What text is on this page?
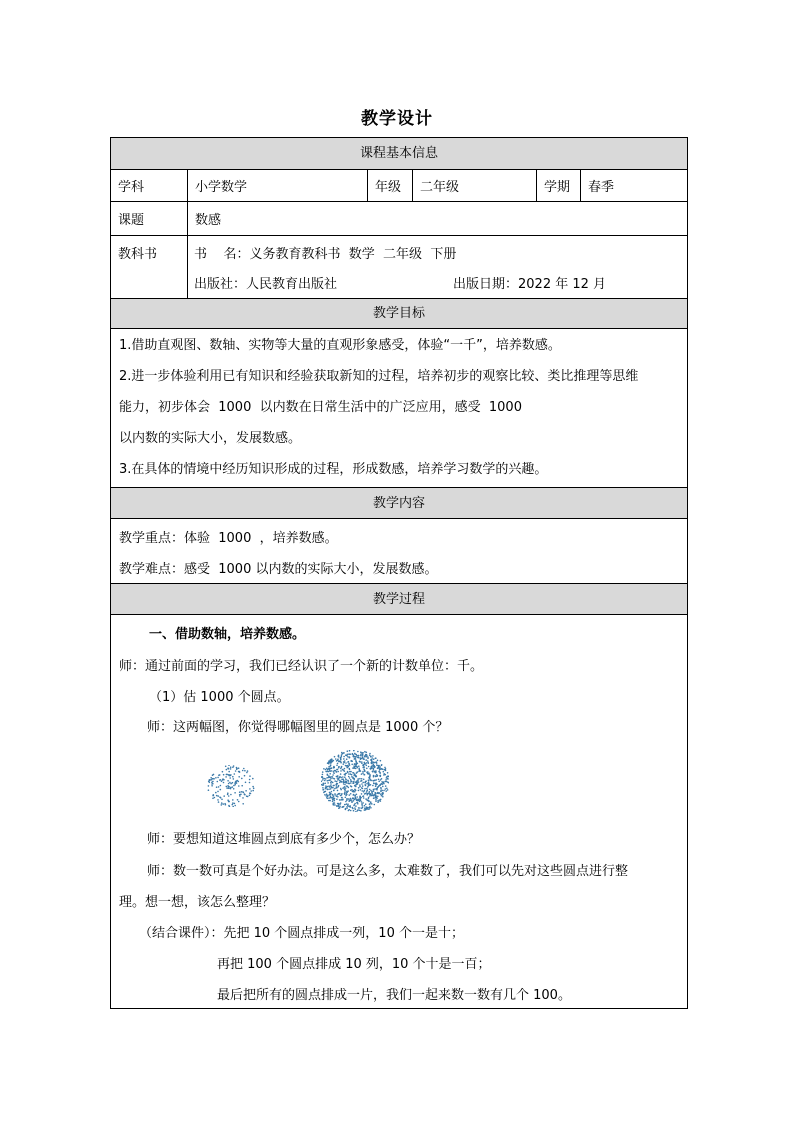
教学设计
课程基本信息
学科	小学数学	年级	二年级	学期	春季
课题	数感
教科书	书    名：义务教育教科书  数学  二年级  下册
出版社：人民教育出版社	出版日期：2022 年 12 月
教学目标
1.借助直观图、数轴、实物等大量的直观形象感受，体验“一千”，培养数感。
2.进一步体验利用已有知识和经验获取新知的过程，培养初步的观察比较、类比推理等思维
能力，初步体会  1000  以内数在日常生活中的广泛应用，感受  1000
以内数的实际大小，发展数感。
3.在具体的情境中经历知识形成的过程，形成数感，培养学习数学的兴趣。
教学内容
教学重点：体验  1000  ，培养数感。
教学难点：感受  1000 以内数的实际大小，发展数感。
教学过程
一、借助数轴，培养数感。
师：通过前面的学习，我们已经认识了一个新的计数单位：千。
（1）估 1000 个圆点。
师：这两幅图，你觉得哪幅图里的圆点是 1000 个？
师：要想知道这堆圆点到底有多少个，怎么办？
师：数一数可真是个好办法。可是这么多，太难数了，我们可以先对这些圆点进行整
理。想一想，该怎么整理？
（结合课件）：先把 10 个圆点排成一列，10 个一是十；
再把 100 个圆点排成 10 列，10 个十是一百；
最后把所有的圆点排成一片，我们一起来数一数有几个 100。
